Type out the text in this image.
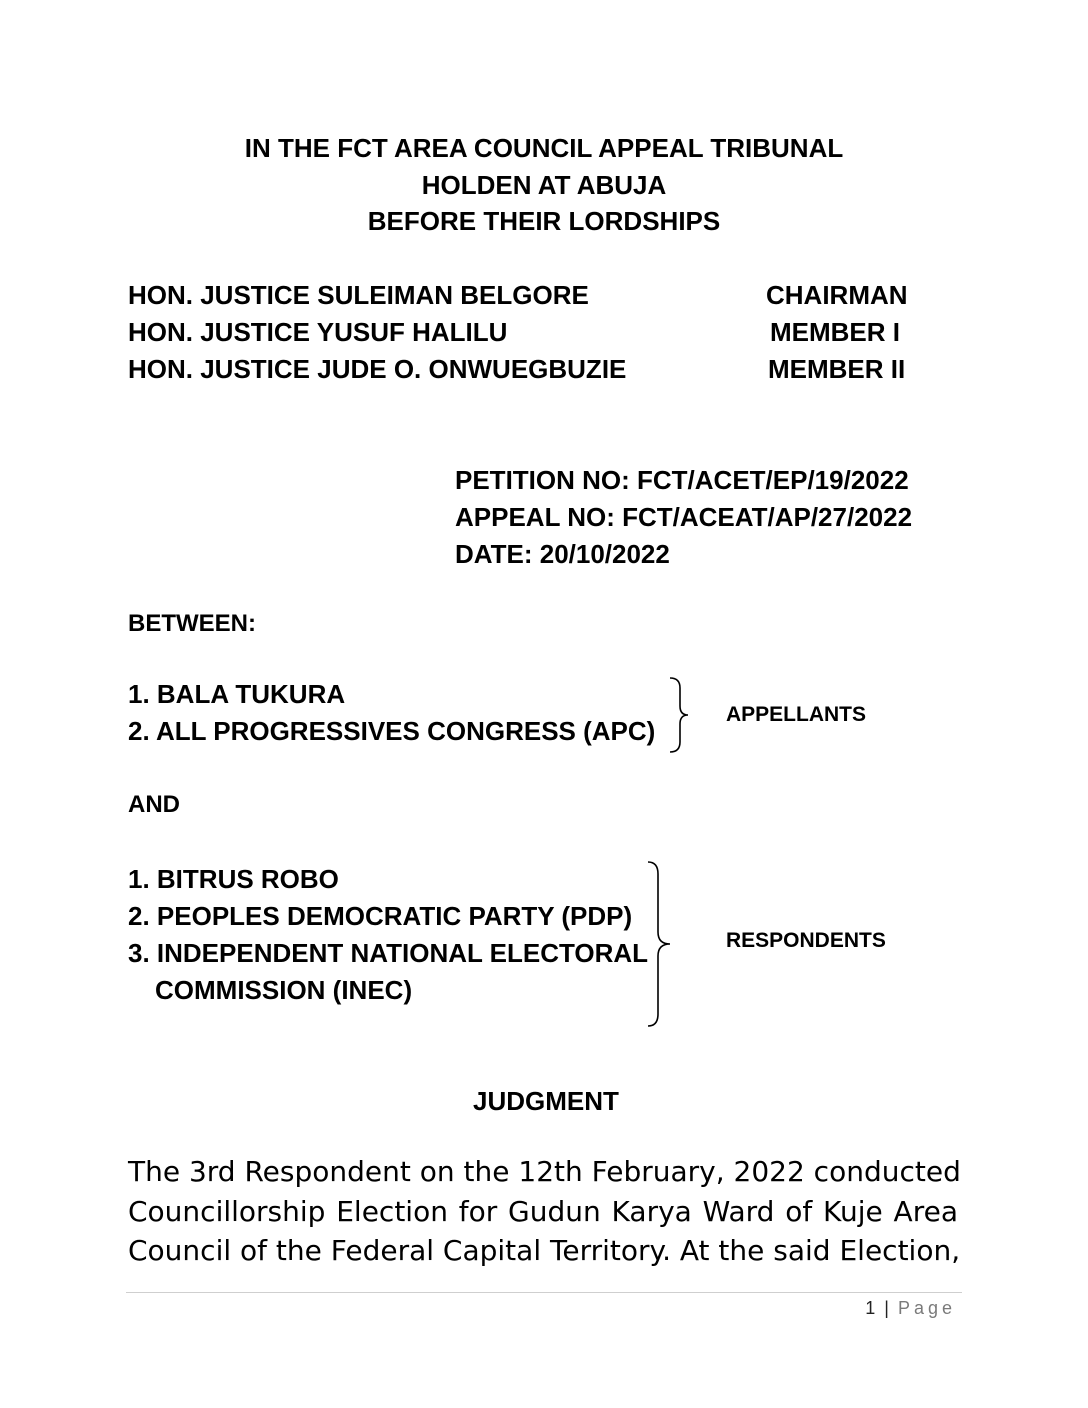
IN THE FCT AREA COUNCIL APPEAL TRIBUNAL
HOLDEN AT ABUJA
BEFORE THEIR LORDSHIPS
HON. JUSTICE SULEIMAN BELGORE	CHAIRMAN
HON. JUSTICE YUSUF HALILU	MEMBER I
HON. JUSTICE JUDE O. ONWUEGBUZIE	MEMBER II
PETITION NO: FCT/ACET/EP/19/2022
APPEAL NO: FCT/ACEAT/AP/27/2022
DATE: 20/10/2022
BETWEEN:
1. BALA TUKURA
2. ALL PROGRESSIVES CONGRESS (APC)
APPELLANTS
AND
1. BITRUS ROBO
2. PEOPLES DEMOCRATIC PARTY (PDP)
3. INDEPENDENT NATIONAL ELECTORAL
COMMISSION (INEC)
RESPONDENTS
JUDGMENT
The 3rd Respondent on the 12th February, 2022 conducted
Councillorship Election for Gudun Karya Ward of Kuje Area
Council of the Federal Capital Territory. At the said Election,
1 | Page
